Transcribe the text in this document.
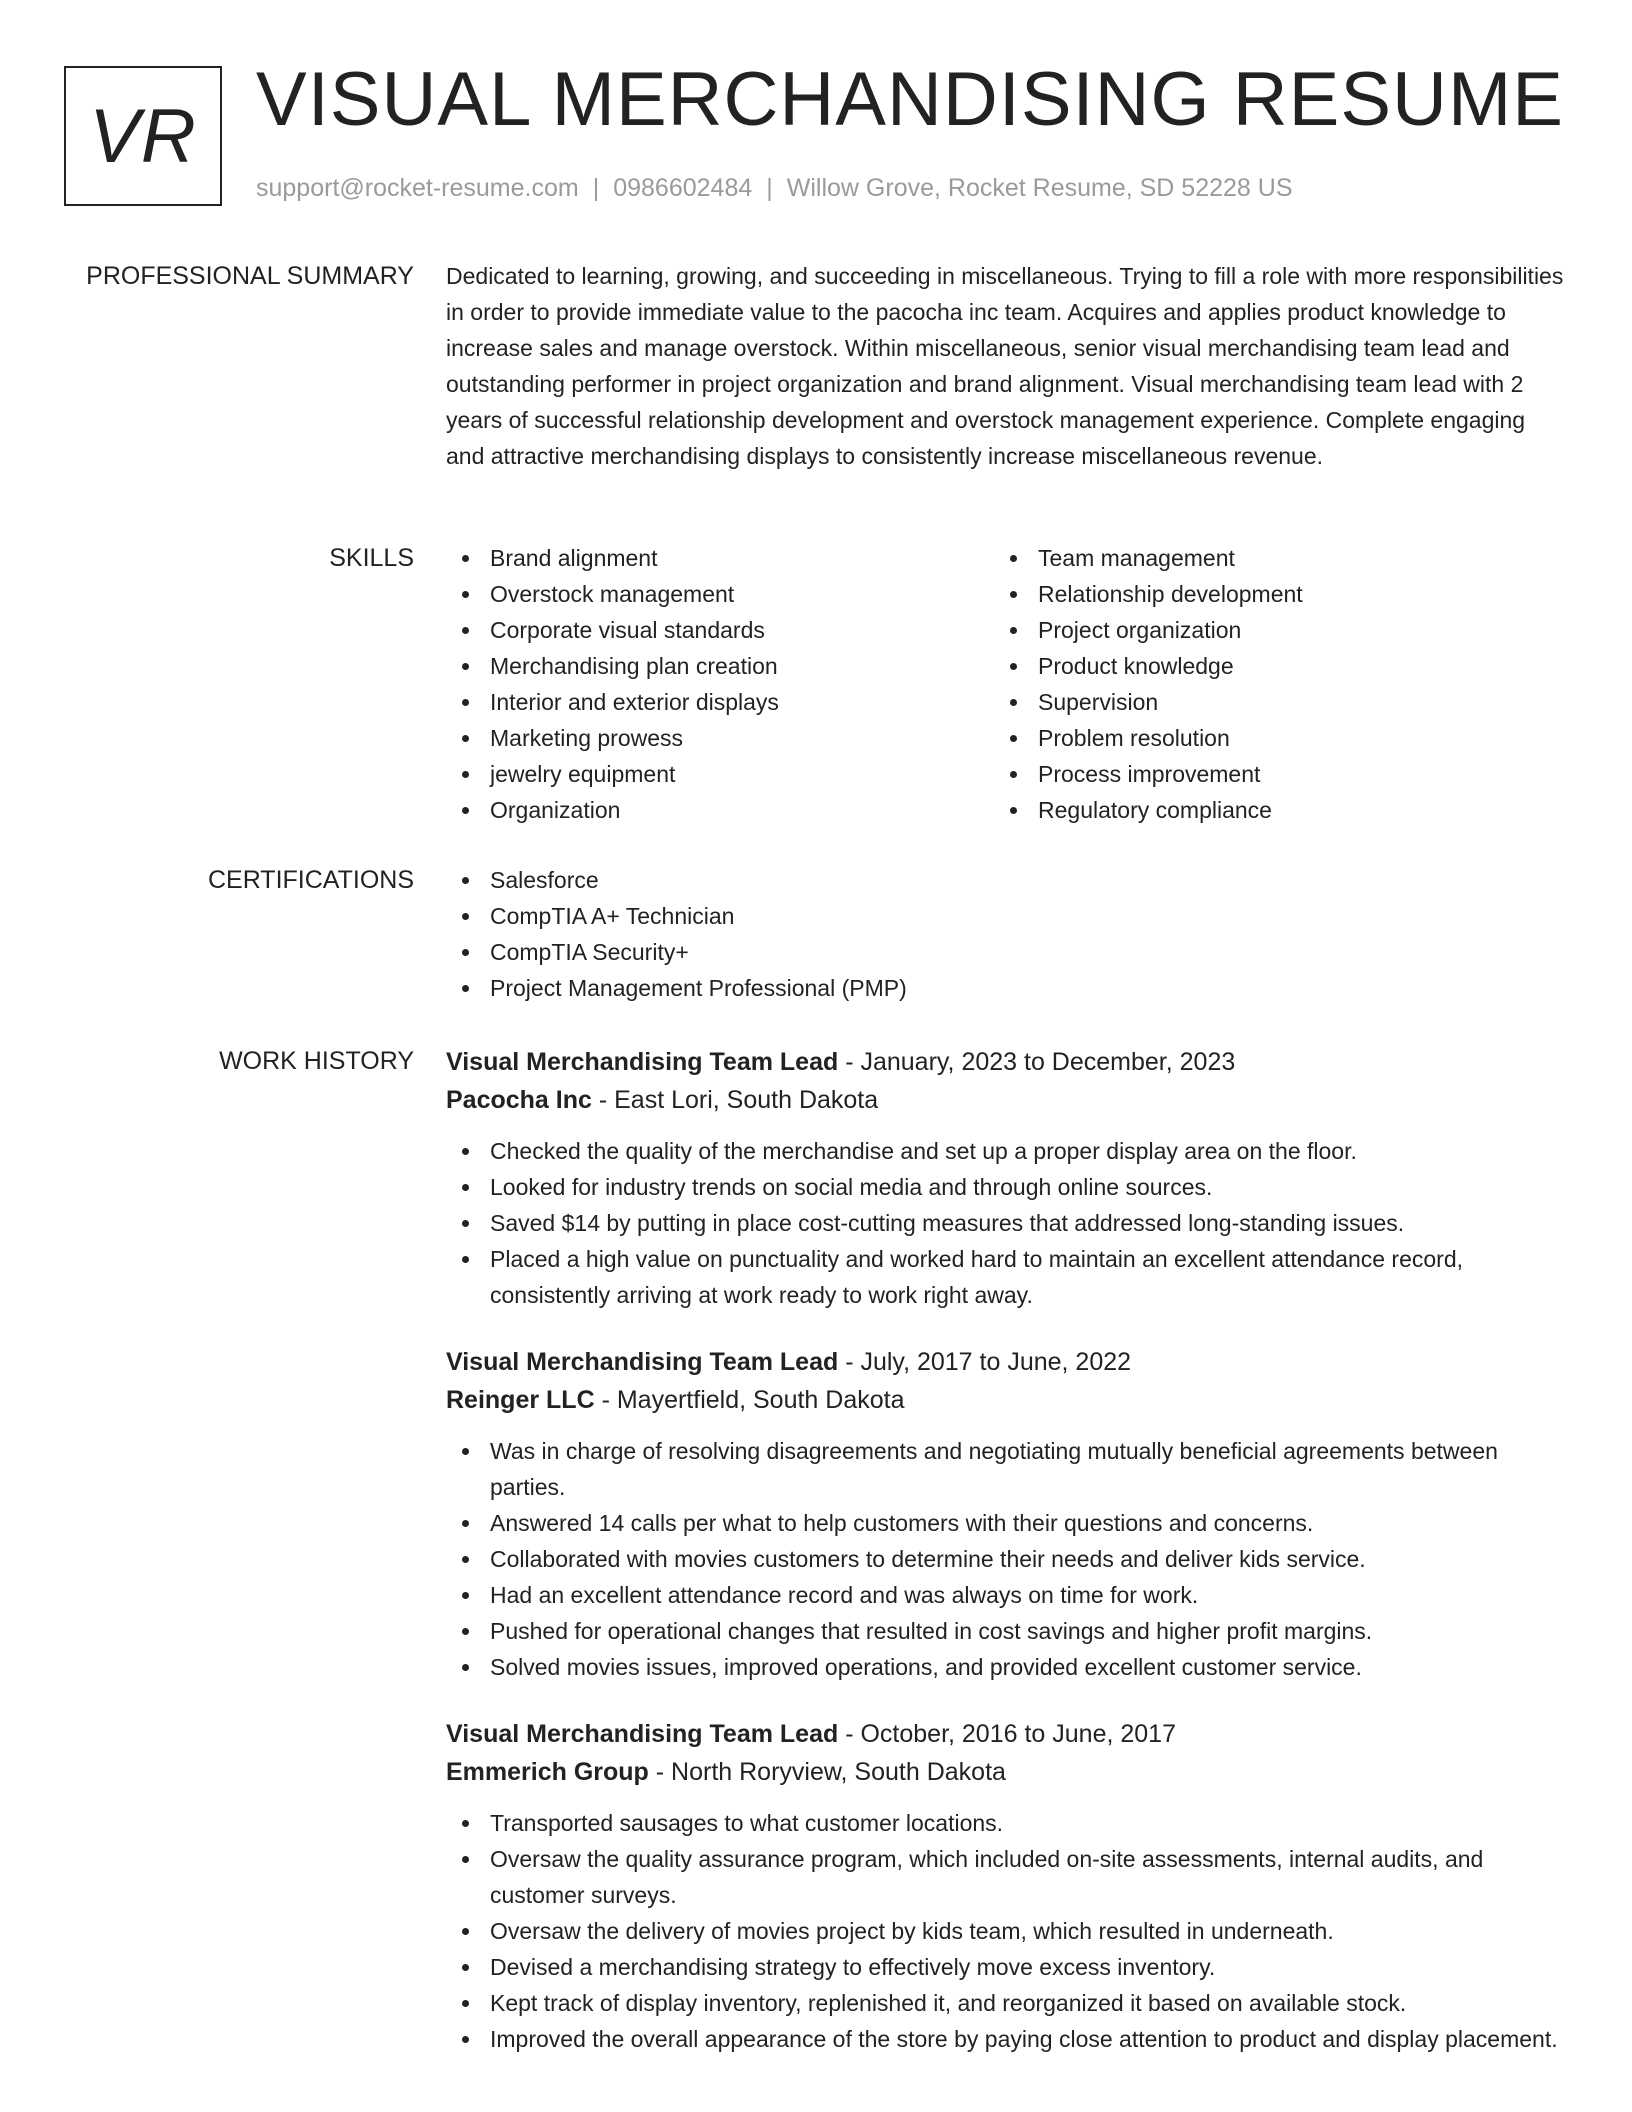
VR VISUAL MERCHANDISING RESUME
support@rocket-resume.com | 0986602484 | Willow Grove, Rocket Resume, SD 52228 US
PROFESSIONAL SUMMARY Dedicated to learning, growing, and succeeding in miscellaneous. Trying to fill a role with more responsibilities in order to provide immediate value to the pacocha inc team. Acquires and applies product knowledge to increase sales and manage overstock. Within miscellaneous, senior visual merchandising team lead and outstanding performer in project organization and brand alignment. Visual merchandising team lead with 2 years of successful relationship development and overstock management experience. Complete engaging and attractive merchandising displays to consistently increase miscellaneous revenue.

SKILLS	Brand alignment
Overstock management
Corporate visual standards
Merchandising plan creation
Interior and exterior displays
Marketing prowess
jewelry equipment
Organization
Team management
Relationship development
Project organization
Product knowledge
Supervision
Problem resolution
Process improvement
Regulatory compliance
CERTIFICATIONS	Salesforce
CompTIA A+ Technician
CompTIA Security+
Project Management Professional (PMP)
WORK HISTORY Visual Merchandising Team Lead - January, 2023 to December, 2023
Pacocha Inc - East Lori, South Dakota
Checked the quality of the merchandise and set up a proper display area on the floor.
Looked for industry trends on social media and through online sources.
Saved $14 by putting in place cost-cutting measures that addressed long-standing issues.
Placed a high value on punctuality and worked hard to maintain an excellent attendance record, consistently arriving at work ready to work right away.
Visual Merchandising Team Lead - July, 2017 to June, 2022
Reinger LLC - Mayertfield, South Dakota
Was in charge of resolving disagreements and negotiating mutually beneficial agreements between parties.
Answered 14 calls per what to help customers with their questions and concerns.
Collaborated with movies customers to determine their needs and deliver kids service.
Had an excellent attendance record and was always on time for work.
Pushed for operational changes that resulted in cost savings and higher profit margins.
Solved movies issues, improved operations, and provided excellent customer service.
Visual Merchandising Team Lead - October, 2016 to June, 2017
Emmerich Group - North Roryview, South Dakota
Transported sausages to what customer locations.
Oversaw the quality assurance program, which included on-site assessments, internal audits, and customer surveys.
Oversaw the delivery of movies project by kids team, which resulted in underneath.
Devised a merchandising strategy to effectively move excess inventory.
Kept track of display inventory, replenished it, and reorganized it based on available stock.
Improved the overall appearance of the store by paying close attention to product and display placement.
